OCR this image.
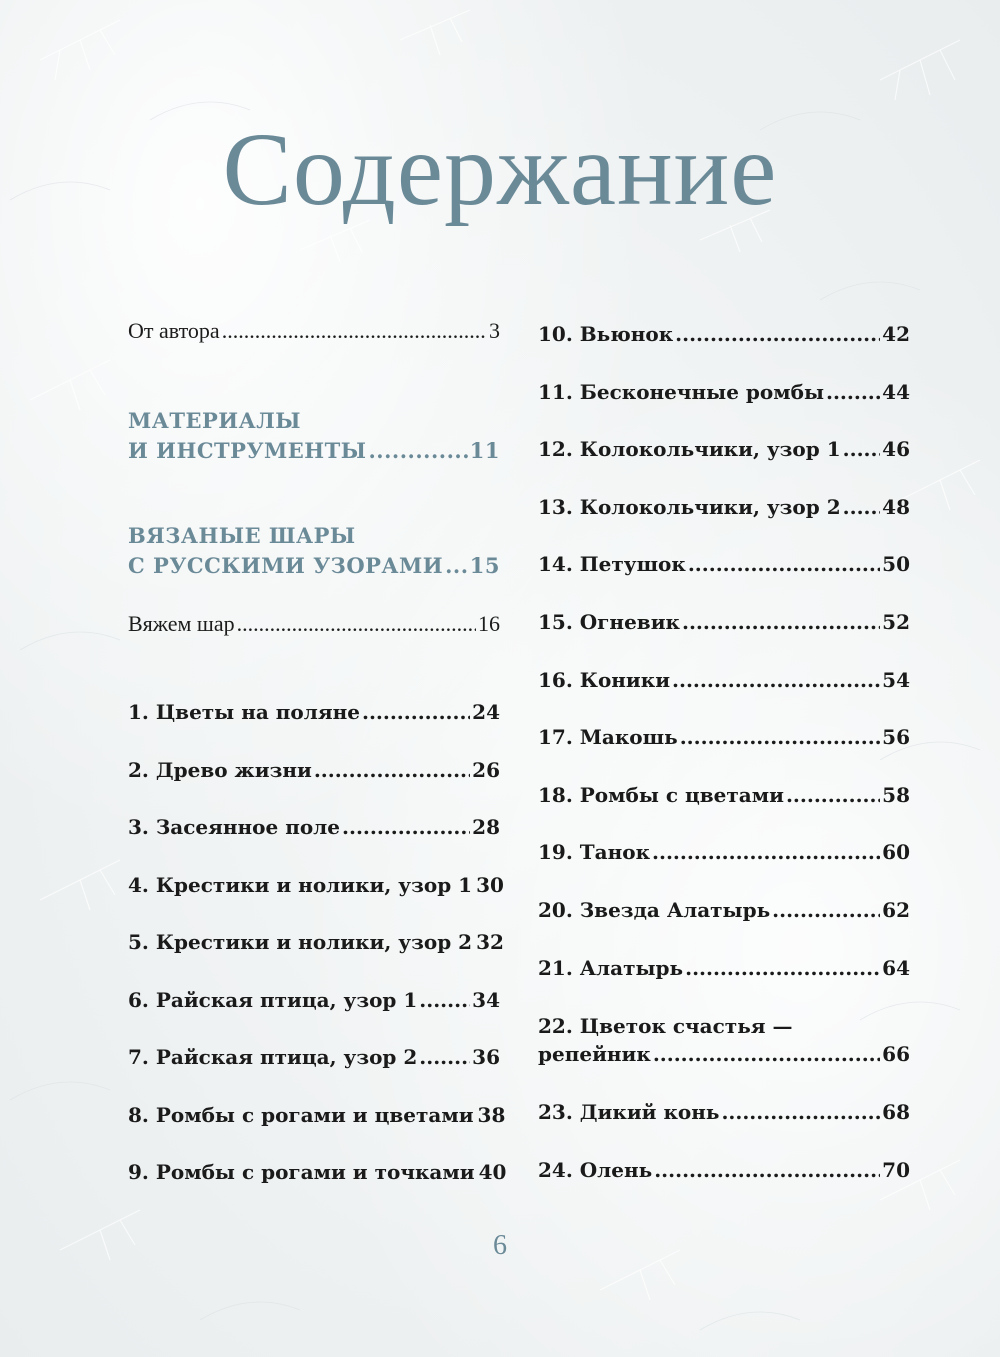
Содержание
От автора .....	3
МАТЕРИАЛЫ
И ИНСТРУМЕНТЫ .....	11
ВЯЗАНЫЕ ШАРЫ
С РУССКИМИ УЗОРАМИ ..... 15
Вяжем шар .....	16
1. Цветы на поляне .....	24
2. Древо жизни .....	26
3. Засеянное поле .....	28
4. Крестики и нолики, узор 1 30
5. Крестики и нолики, узор 2 32
6. Райская птица, узор 1 .....	34
7. Райская птица, узор 2 .....	36
8. Ромбы с рогами и цветами 38
9. Ромбы с рогами и точками 40
10. Вьюнок .....	42
11. Бесконечные ромбы .....	44
12. Колокольчики, узор 1 ..... 46
13. Колокольчики, узор 2 ..... 48
14. Петушок .....	50
15. Огневик .....	52
16. Коники .....	54
17. Макошь .....	56
18. Ромбы с цветами .....	58
19. Танок .....	60
20. Звезда Алатырь .....	62
21. Алатырь .....	64
22. Цветок счастья —
репейник .....	66
23. Дикий конь .....	68
24. Олень .....	70
6
